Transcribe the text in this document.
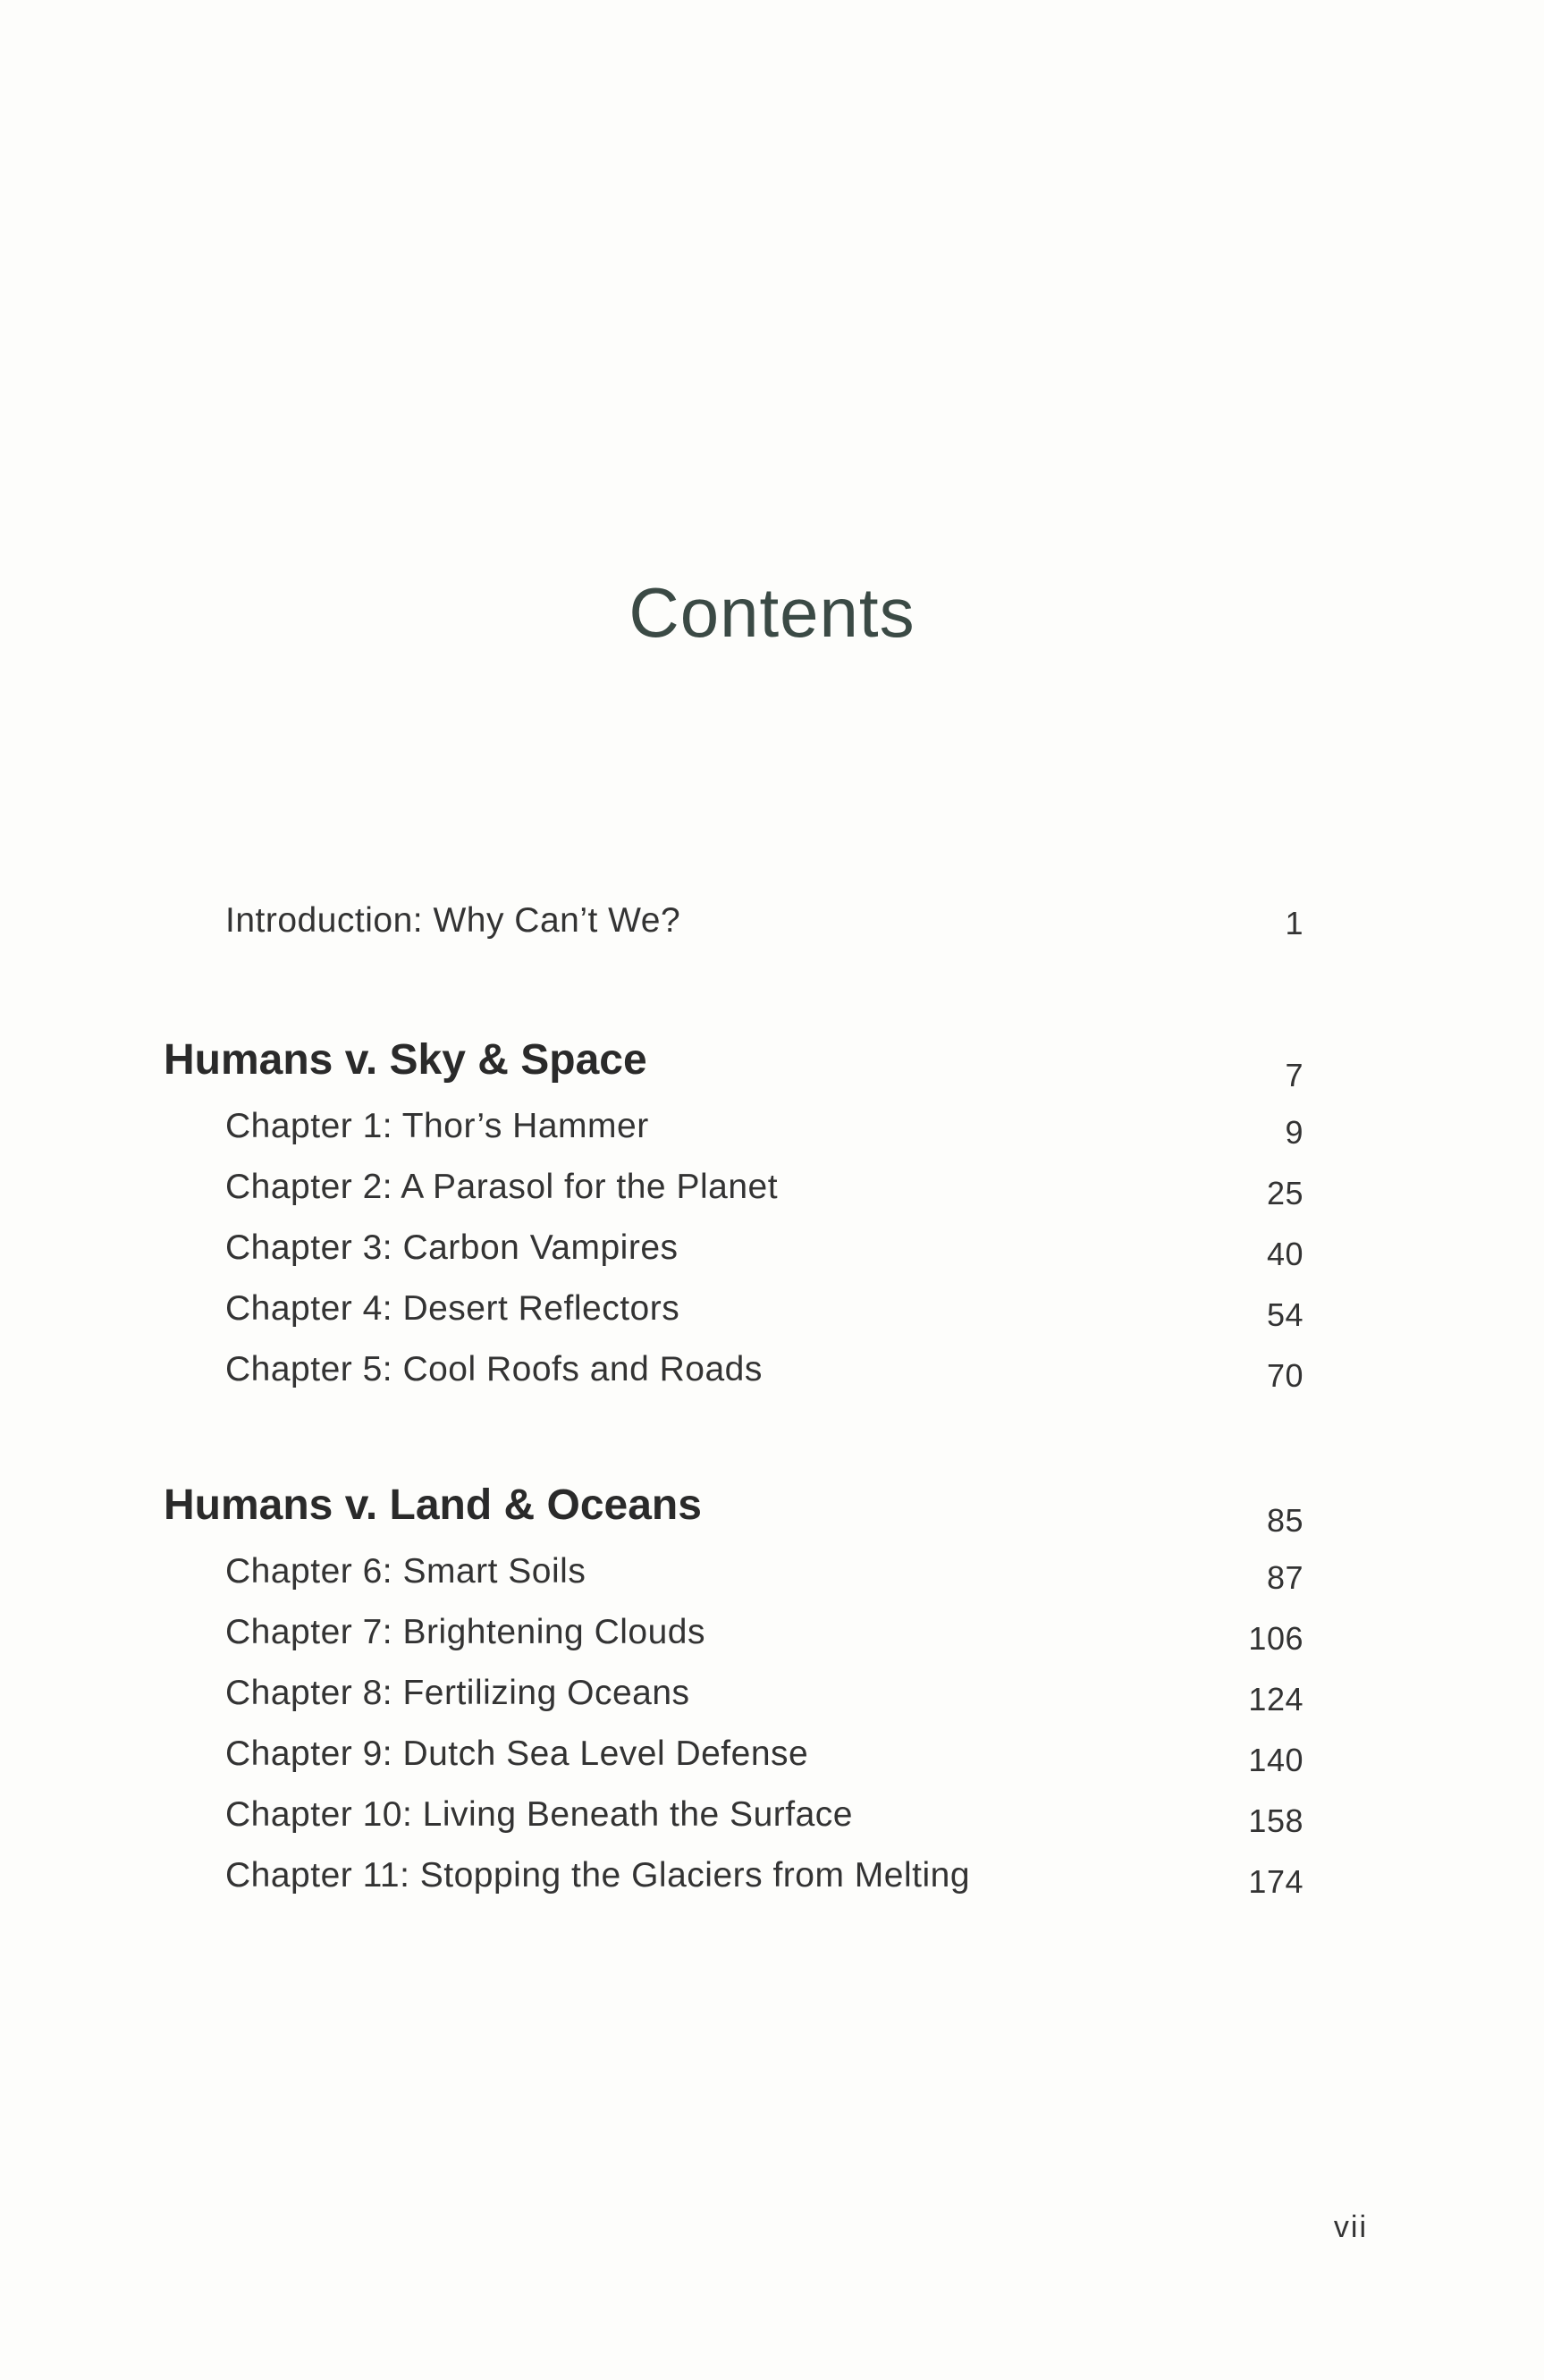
Contents
Introduction: Why Can’t We?	1
Humans v. Sky & Space	7
Chapter 1: Thor’s Hammer	9
Chapter 2: A Parasol for the Planet	25
Chapter 3: Carbon Vampires	40
Chapter 4: Desert Reflectors	54
Chapter 5: Cool Roofs and Roads	70
Humans v. Land & Oceans	85
Chapter 6: Smart Soils	87
Chapter 7: Brightening Clouds	106
Chapter 8: Fertilizing Oceans	124
Chapter 9: Dutch Sea Level Defense	140
Chapter 10: Living Beneath the Surface	158
Chapter 11: Stopping the Glaciers from Melting	174
vii
